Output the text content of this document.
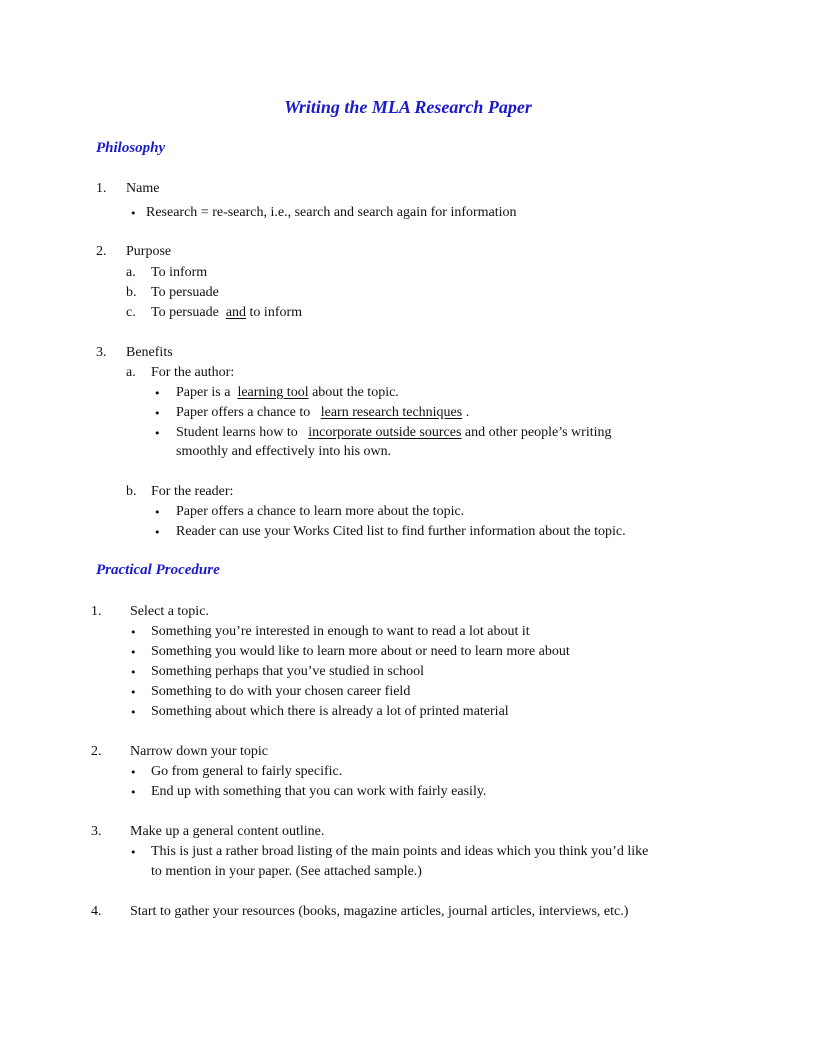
Writing the MLA Research Paper
Philosophy
1. Name
• Research = re-search, i.e., search and search again for information
2. Purpose
a. To inform
b. To persuade
c. To persuade and to inform
3. Benefits
a. For the author:
• Paper is a learning tool about the topic.
• Paper offers a chance to learn research techniques .
• Student learns how to incorporate outside sources and other people’s writing
smoothly and effectively into his own.
b. For the reader:
• Paper offers a chance to learn more about the topic.
• Reader can use your Works Cited list to find further information about the topic.
Practical Procedure
1. Select a topic.
• Something you’re interested in enough to want to read a lot about it
• Something you would like to learn more about or need to learn more about
• Something perhaps that you’ve studied in school
• Something to do with your chosen career field
• Something about which there is already a lot of printed material
2. Narrow down your topic
• Go from general to fairly specific.
• End up with something that you can work with fairly easily.
3. Make up a general content outline.
• This is just a rather broad listing of the main points and ideas which you think you’d like
to mention in your paper. (See attached sample.)
4. Start to gather your resources (books, magazine articles, journal articles, interviews, etc.)
